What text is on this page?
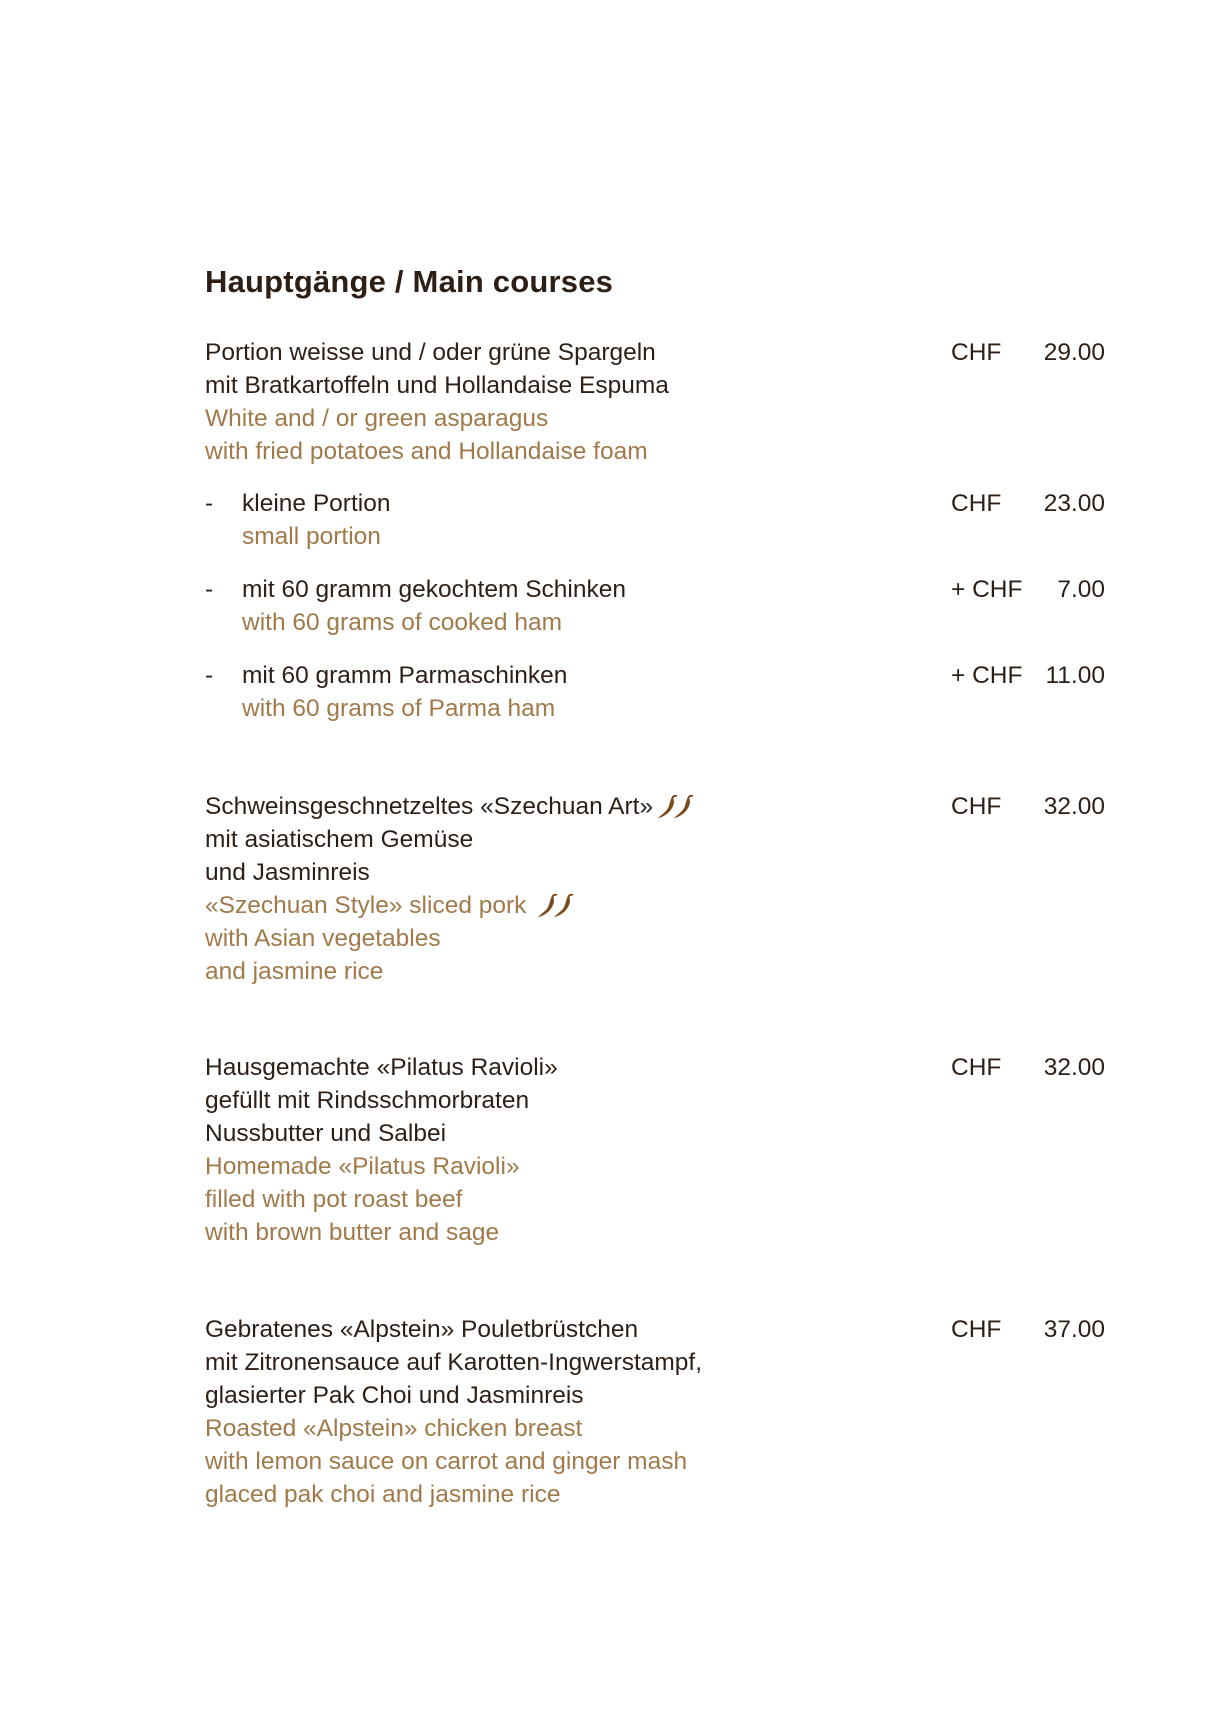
Hauptgänge / Main courses
Portion weisse und / oder grüne Spargeln
mit Bratkartoffeln und Hollandaise Espuma
White and / or green asparagus
with fried potatoes and Hollandaise foam
CHF	29.00
- kleine Portion
small portion
CHF	23.00
- mit 60 gramm gekochtem Schinken
with 60 grams of cooked ham
+ CHF	7.00
- mit 60 gramm Parmaschinken
with 60 grams of Parma ham
+ CHF 11.00
Schweinsgeschnetzeltes «Szechuan Art»
mit asiatischem Gemüse
und Jasminreis
«Szechuan Style» sliced pork
with Asian vegetables
and jasmine rice
CHF	32.00
Hausgemachte «Pilatus Ravioli»
gefüllt mit Rindsschmorbraten
Nussbutter und Salbei
Homemade «Pilatus Ravioli»
filled with pot roast beef
with brown butter and sage
CHF	32.00
Gebratenes «Alpstein» Pouletbrüstchen
mit Zitronensauce auf Karotten-Ingwerstampf,
glasierter Pak Choi und Jasminreis
Roasted «Alpstein» chicken breast
with lemon sauce on carrot and ginger mash
glaced pak choi and jasmine rice
CHF	37.00
